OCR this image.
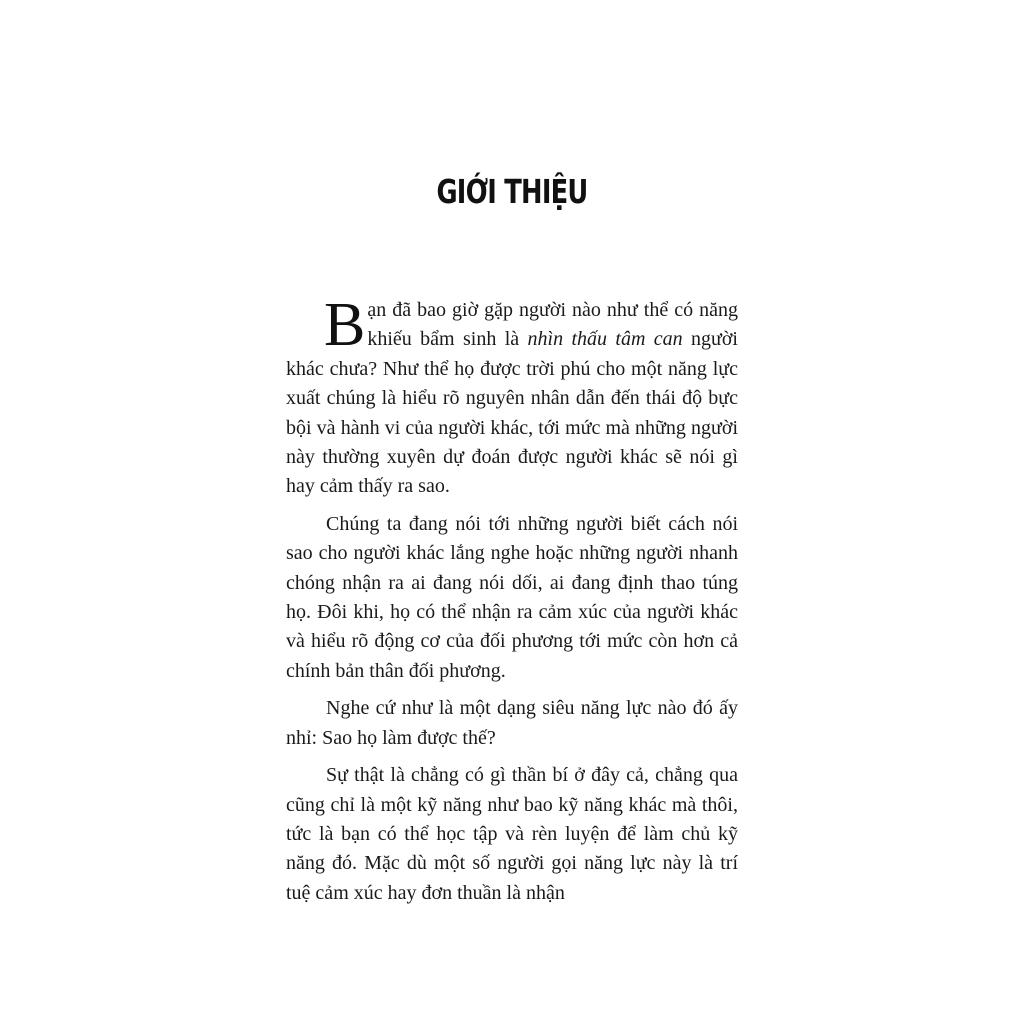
GIỚI THIỆU

Bạn đã bao giờ gặp người nào như thể có năng khiếu bẩm sinh là nhìn thấu tâm can người khác chưa? Như thể họ được trời phú cho một năng lực xuất chúng là hiểu rõ nguyên nhân dẫn đến thái độ bực bội và hành vi của người khác, tới mức mà những người này thường xuyên dự đoán được người khác sẽ nói gì hay cảm thấy ra sao.

Chúng ta đang nói tới những người biết cách nói sao cho người khác lắng nghe hoặc những người nhanh chóng nhận ra ai đang nói dối, ai đang định thao túng họ. Đôi khi, họ có thể nhận ra cảm xúc của người khác và hiểu rõ động cơ của đối phương tới mức còn hơn cả chính bản thân đối phương.

Nghe cứ như là một dạng siêu năng lực nào đó ấy nhỉ: Sao họ làm được thế?

Sự thật là chẳng có gì thần bí ở đây cả, chẳng qua cũng chỉ là một kỹ năng như bao kỹ năng khác mà thôi, tức là bạn có thể học tập và rèn luyện để làm chủ kỹ năng đó. Mặc dù một số người gọi năng lực này là trí tuệ cảm xúc hay đơn thuần là nhận
